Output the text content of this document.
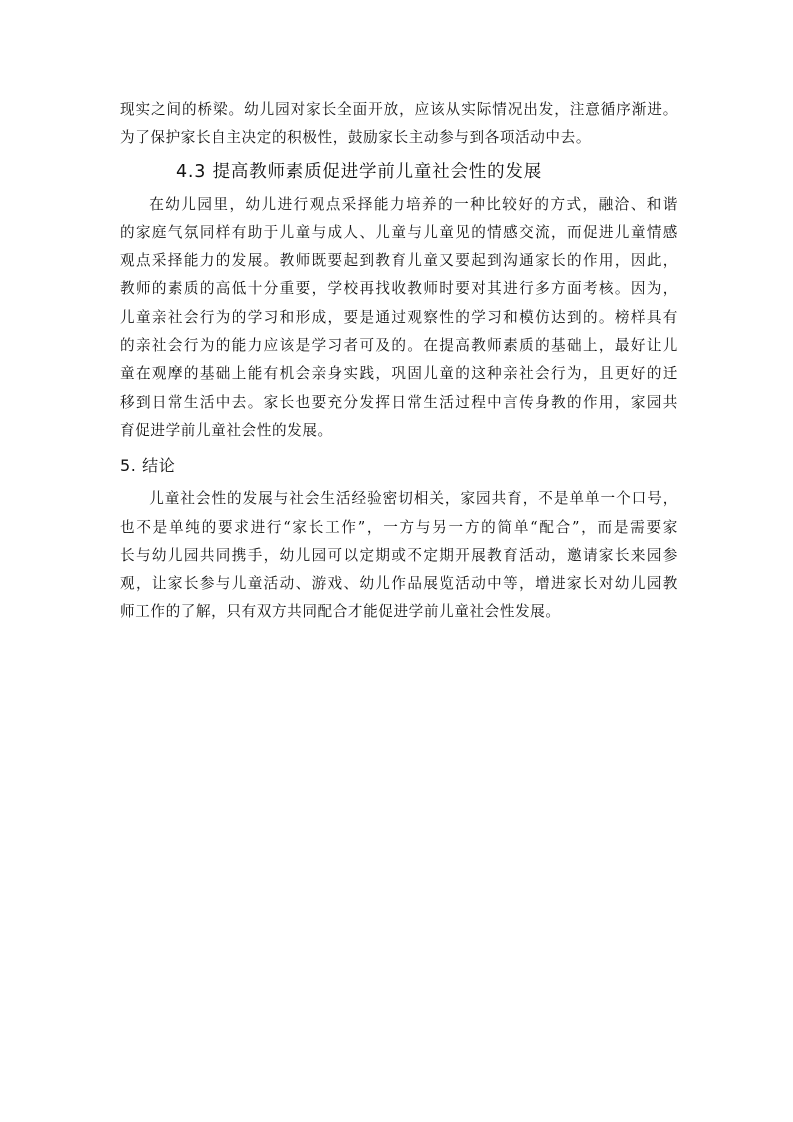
现实之间的桥梁。幼儿园对家长全面开放，应该从实际情况出发，注意循序渐进。
为了保护家长自主决定的积极性，鼓励家长主动参与到各项活动中去。

4.3 提高教师素质促进学前儿童社会性的发展

在幼儿园里，幼儿进行观点采择能力培养的一种比较好的方式，融洽、和谐
的家庭气氛同样有助于儿童与成人、儿童与儿童见的情感交流，而促进儿童情感
观点采择能力的发展。教师既要起到教育儿童又要起到沟通家长的作用，因此，
教师的素质的高低十分重要，学校再找收教师时要对其进行多方面考核。因为，
儿童亲社会行为的学习和形成，要是通过观察性的学习和模仿达到的。榜样具有
的亲社会行为的能力应该是学习者可及的。在提高教师素质的基础上，最好让儿
童在观摩的基础上能有机会亲身实践，巩固儿童的这种亲社会行为，且更好的迁
移到日常生活中去。家长也要充分发挥日常生活过程中言传身教的作用，家园共
育促进学前儿童社会性的发展。

5. 结论

儿童社会性的发展与社会生活经验密切相关，家园共育，不是单单一个口号，
也不是单纯的要求进行“家长工作”，一方与另一方的简单“配合”，而是需要家
长与幼儿园共同携手，幼儿园可以定期或不定期开展教育活动，邀请家长来园参
观，让家长参与儿童活动、游戏、幼儿作品展览活动中等，增进家长对幼儿园教
师工作的了解，只有双方共同配合才能促进学前儿童社会性发展。
